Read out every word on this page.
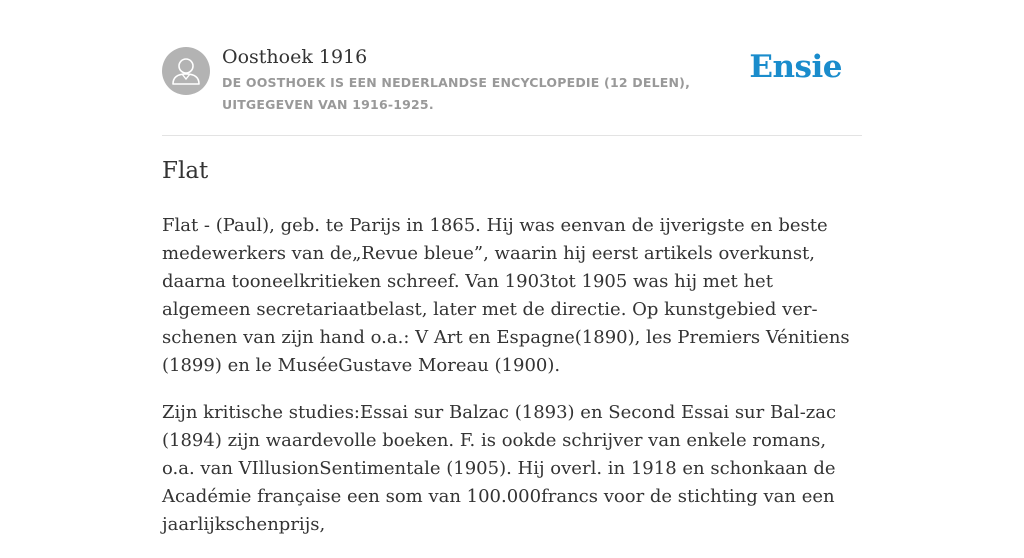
Oosthoek 1916
DE OOSTHOEK IS EEN NEDERLANDSE ENCYCLOPEDIE (12 DELEN), UITGEGEVEN VAN 1916-1925.
Ensie
Flat

Flat - (Paul), geb. te Parijs in 1865. Hij was eenvan de ijverigste en beste medewerkers van de„Revue bleue”, waarin hij eerst artikels overkunst, daarna tooneelkritieken schreef. Van 1903tot 1905 was hij met het algemeen secretariaatbelast, later met de directie. Op kunstgebied ver-schenen van zijn hand o.a.: V Art en Espagne(1890), les Premiers Vénitiens (1899) en le MuséeGustave Moreau (1900).

Zijn kritische studies:Essai sur Balzac (1893) en Second Essai sur Bal-zac (1894) zijn waardevolle boeken. F. is ookde schrijver van enkele romans, o.a. van VIllusionSentimentale (1905). Hij overl. in 1918 en schonkaan de Académie française een som van 100.000francs voor de stichting van een jaarlijkschenprijs,
